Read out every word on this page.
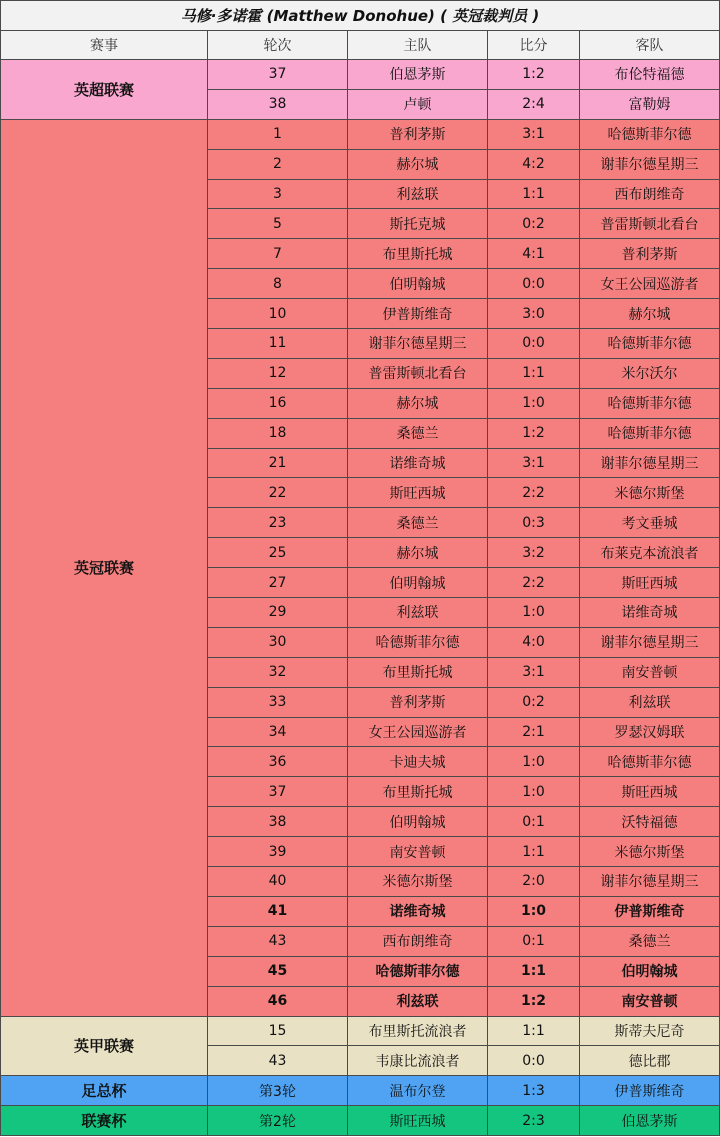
马修·多诺霍 (Matthew Donohue) ( 英冠裁判员 )				
赛事	轮次	主队	比分	客队
英超联赛	37	伯恩茅斯	1:2	布伦特福德
	38	卢顿	2:4	富勒姆
英冠联赛	1	普利茅斯	3:1	哈德斯菲尔德
	2	赫尔城	4:2	谢菲尔德星期三
	3	利兹联	1:1	西布朗维奇
	5	斯托克城	0:2	普雷斯顿北看台
	7	布里斯托城	4:1	普利茅斯
	8	伯明翰城	0:0	女王公园巡游者
	10	伊普斯维奇	3:0	赫尔城
	11	谢菲尔德星期三	0:0	哈德斯菲尔德
	12	普雷斯顿北看台	1:1	米尔沃尔
	16	赫尔城	1:0	哈德斯菲尔德
	18	桑德兰	1:2	哈德斯菲尔德
	21	诺维奇城	3:1	谢菲尔德星期三
	22	斯旺西城	2:2	米德尔斯堡
	23	桑德兰	0:3	考文垂城
	25	赫尔城	3:2	布莱克本流浪者
	27	伯明翰城	2:2	斯旺西城
	29	利兹联	1:0	诺维奇城
	30	哈德斯菲尔德	4:0	谢菲尔德星期三
	32	布里斯托城	3:1	南安普顿
	33	普利茅斯	0:2	利兹联
	34	女王公园巡游者	2:1	罗瑟汉姆联
	36	卡迪夫城	1:0	哈德斯菲尔德
	37	布里斯托城	1:0	斯旺西城
	38	伯明翰城	0:1	沃特福德
	39	南安普顿	1:1	米德尔斯堡
	40	米德尔斯堡	2:0	谢菲尔德星期三
	41	诺维奇城	1:0	伊普斯维奇
	43	西布朗维奇	0:1	桑德兰
	45	哈德斯菲尔德	1:1	伯明翰城
	46	利兹联	1:2	南安普顿
英甲联赛	15	布里斯托流浪者	1:1	斯蒂夫尼奇
	43	韦康比流浪者	0:0	德比郡
足总杯	第3轮	温布尔登	1:3	伊普斯维奇
联赛杯	第2轮	斯旺西城	2:3	伯恩茅斯
